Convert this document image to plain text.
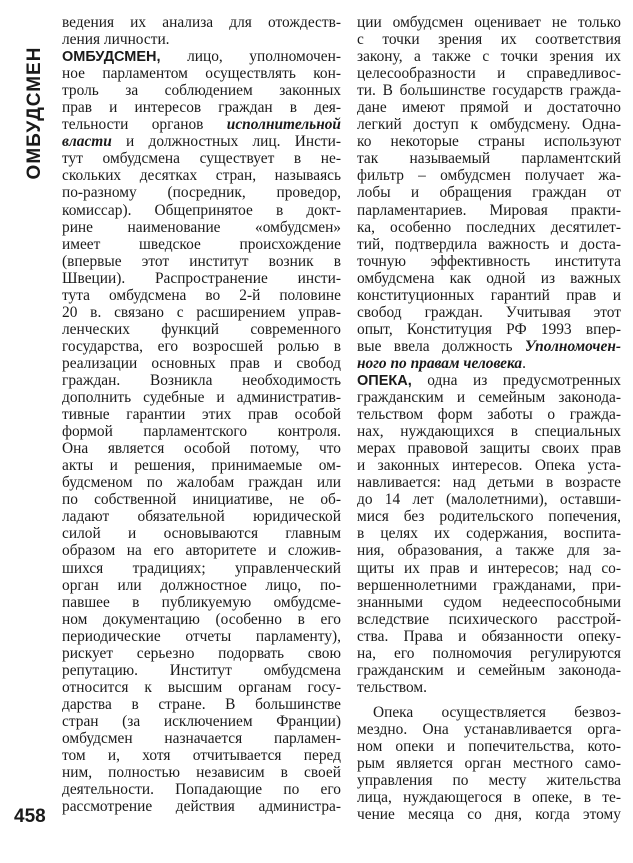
ОМБУДСМЕН
ведения их анализа для отождеств-
ления личности.
ОМБУДСМЕН, лицо, уполномочен-
ное парламентом осуществлять кон-
троль за соблюдением законных
прав и интересов граждан в дея-
тельности органов исполнительной
власти и должностных лиц. Инсти-
тут омбудсмена существует в не-
скольких десятках стран, называясь
по-разному (посредник, проведор,
комиссар). Общепринятое в докт-
рине наименование «омбудсмен»
имеет шведское происхождение
(впервые этот институт возник в
Швеции). Распространение инсти-
тута омбудсмена во 2-й половине
20 в. связано с расширением управ-
ленческих функций современного
государства, его возросшей ролью в
реализации основных прав и свобод
граждан. Возникла необходимость
дополнить судебные и административ-
тивные гарантии этих прав особой
формой парламентского контроля.
Она является особой потому, что
акты и решения, принимаемые ом-
будсменом по жалобам граждан или
по собственной инициативе, не об-
ладают обязательной юридической
силой и основываются главным
образом на его авторитете и сложив-
шихся традициях; управленческий
орган или должностное лицо, по-
павшее в публикуемую омбудсме-
ном документацию (особенно в его
периодические отчеты парламенту),
рискует серьезно подорвать свою
репутацию. Институт омбудсмена
относится к высшим органам госу-
дарства в стране. В большинстве
стран (за исключением Франции)
омбудсмен назначается парламен-
том и, хотя отчитывается перед
ним, полностью независим в своей
деятельности. Попадающие по его
рассмотрение действия администра-
ции омбудсмен оценивает не только
с точки зрения их соответствия
закону, а также с точки зрения их
целесообразности и справедливос-
ти. В большинстве государств гражда-
дане имеют прямой и достаточно
легкий доступ к омбудсмену. Одна-
ко некоторые страны используют
так называемый парламентский
фильтр – омбудсмен получает жа-
лобы и обращения граждан от
парламентариев. Мировая практи-
ка, особенно последних десятилет-
тий, подтвердила важность и доста-
точную эффективность института
омбудсмена как одной из важных
конституционных гарантий прав и
свобод граждан. Учитывая этот
опыт, Конституция РФ 1993 впер-
вые ввела должность Уполномочен-
ного по правам человека.
ОПЕКА, одна из предусмотренных
гражданским и семейным законода-
тельством форм заботы о гражда-
нах, нуждающихся в специальных
мерах правовой защиты своих прав
и законных интересов. Опека уста-
навливается: над детьми в возрасте
до 14 лет (малолетними), оставши-
мися без родительского попечения,
в целях их содержания, воспита-
ния, образования, а также для за-
щиты их прав и интересов; над со-
вершеннолетними гражданами, при-
знанными судом недееспособными
вследствие психического расстрой-
ства. Права и обязанности опеку-
на, его полномочия регулируются
гражданским и семейным законода-
тельством.
Опека осуществляется безвоз-
мездно. Она устанавливается орга-
ном опеки и попечительства, кото-
рым является орган местного само-
управления по месту жительства
лица, нуждающегося в опеке, в те-
чение месяца со дня, когда этому
458
